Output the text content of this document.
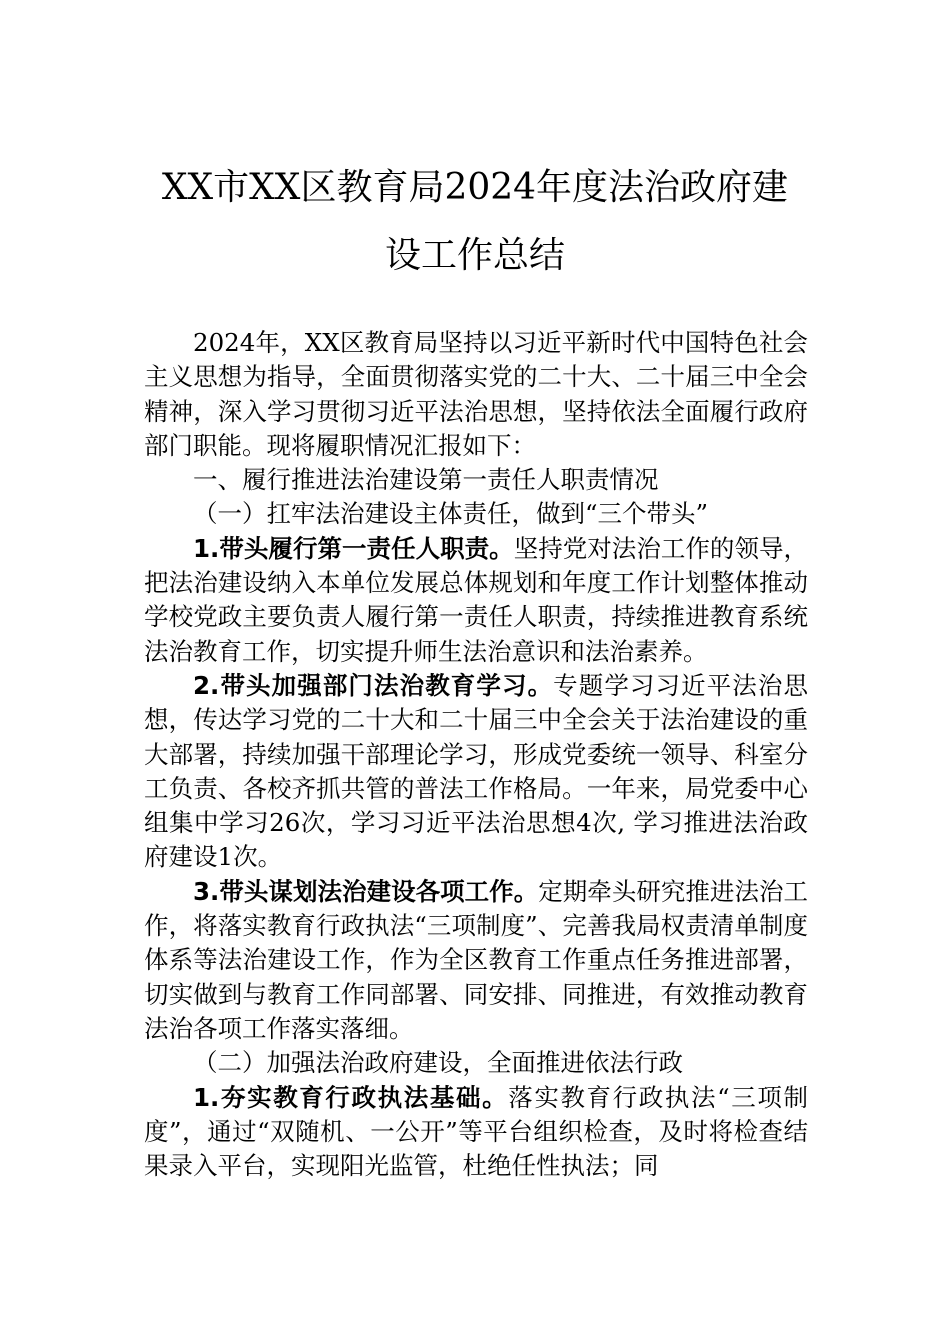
XX市XX区教育局2024年度法治政府建
设工作总结

2024年，XX区教育局坚持以习近平新时代中国特色社会主义思想为指导，全面贯彻落实党的二十大、二十届三中全会精神，深入学习贯彻习近平法治思想，坚持依法全面履行政府部门职能。现将履职情况汇报如下：

一、履行推进法治建设第一责任人职责情况

（一）扛牢法治建设主体责任，做到“三个带头”

1.带头履行第一责任人职责。坚持党对法治工作的领导，把法治建设纳入本单位发展总体规划和年度工作计划整体推动学校党政主要负责人履行第一责任人职责，持续推进教育系统法治教育工作，切实提升师生法治意识和法治素养。

2.带头加强部门法治教育学习。专题学习习近平法治思想，传达学习党的二十大和二十届三中全会关于法治建设的重大部署，持续加强干部理论学习，形成党委统一领导、科室分工负责、各校齐抓共管的普法工作格局。一年来，局党委中心组集中学习26次，学习习近平法治思想4次, 学习推进法治政府建设1次。

3.带头谋划法治建设各项工作。定期牵头研究推进法治工作，将落实教育行政执法“三项制度”、完善我局权责清单制度体系等法治建设工作，作为全区教育工作重点任务推进部署，切实做到与教育工作同部署、同安排、同推进，有效推动教育法治各项工作落实落细。

（二）加强法治政府建设，全面推进依法行政

1.夯实教育行政执法基础。落实教育行政执法“三项制度”，通过“双随机、一公开”等平台组织检查，及时将检查结果录入平台，实现阳光监管，杜绝任性执法；同
